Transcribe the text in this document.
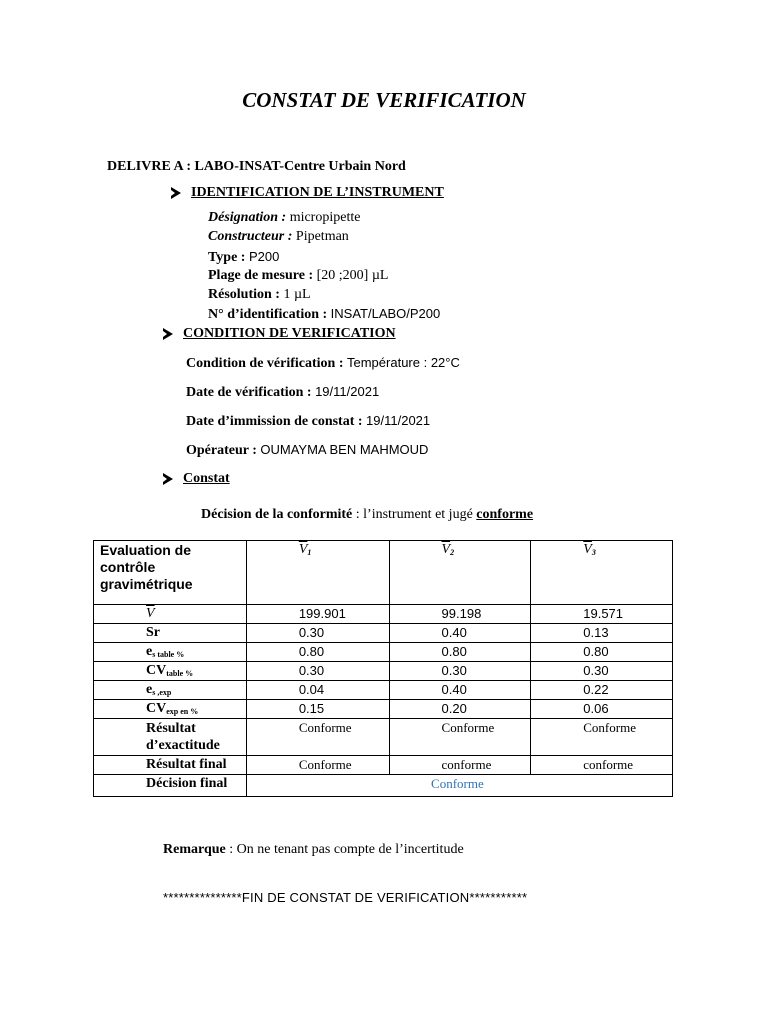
CONSTAT DE VERIFICATION
DELIVRE A : LABO-INSAT-Centre Urbain Nord
IDENTIFICATION DE L’INSTRUMENT
Désignation : micropipette
Constructeur : Pipetman
Type : P200
Plage de mesure : [20 ;200] µL
Résolution : 1 µL
N° d’identification : INSAT/LABO/P200
CONDITION DE VERIFICATION
Condition de vérification : Température : 22°C
Date de vérification : 19/11/2021
Date d’immission de constat : 19/11/2021
Opérateur : OUMAYMA BEN MAHMOUD
Constat
Décision de la conformité : l’instrument et jugé conforme
Evaluation de contrôle gravimétrique	$\overline{V}_1$	$\overline{V}_2$	$\overline{V}_3$
$\overline{V}$	199.901	99.198	19.571
Sr	0.30	0.40	0.13
$e_{s table \%}$	0.80	0.80	0.80
$CV_{table \%}$	0.30	0.30	0.30
$e_{s ,exp}$	0.04	0.40	0.22
$CV_{exp en \%}$	0.15	0.20	0.06
Résultat d’exactitude	Conforme	Conforme	Conforme
Résultat final	Conforme	conforme	conforme
Décision final	Conforme		
Remarque : On ne tenant pas compte de l’incertitude
***************FIN DE CONSTAT DE VERIFICATION***********
